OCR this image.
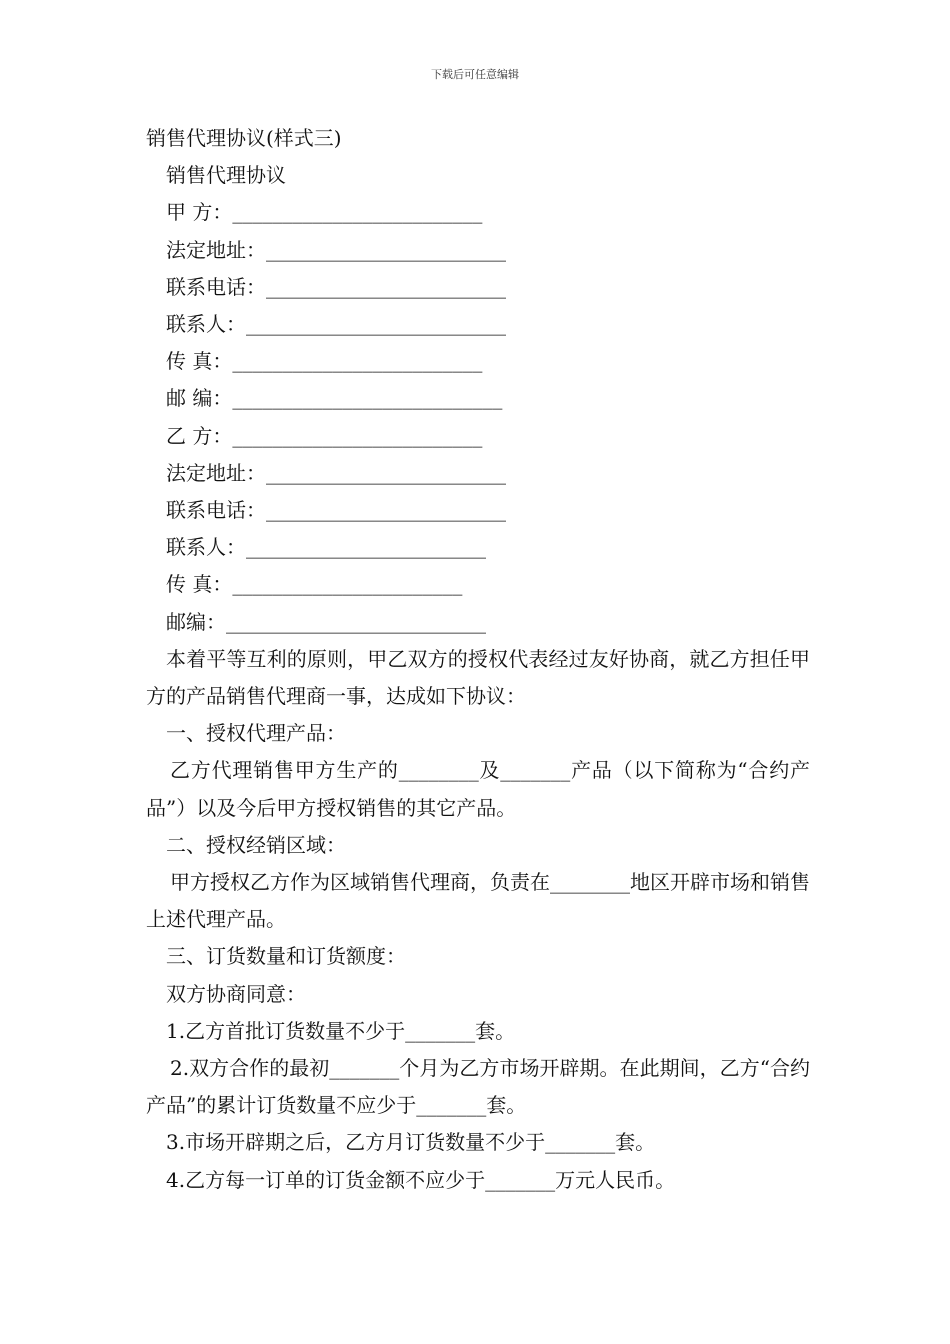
下载后可任意编辑
销售代理协议(样式三)
销售代理协议
甲 方：_________________________
法定地址：________________________
联系电话：________________________
联系人：__________________________
传 真：_________________________
邮 编：___________________________
乙 方：_________________________
法定地址：________________________
联系电话：________________________
联系人：________________________
传 真：_______________________
邮编：__________________________
本着平等互利的原则，甲乙双方的授权代表经过友好协商，就乙方担任甲方的产品销售代理商一事，达成如下协议：
一、授权代理产品：
乙方代理销售甲方生产的________及_______产品（以下简称为“合约产品”）以及今后甲方授权销售的其它产品。
二、授权经销区域：
甲方授权乙方作为区域销售代理商，负责在________地区开辟市场和销售上述代理产品。
三、订货数量和订货额度：
双方协商同意：
1.乙方首批订货数量不少于_______套。
2.双方合作的最初_______个月为乙方市场开辟期。在此期间，乙方“合约产品”的累计订货数量不应少于_______套。
3.市场开辟期之后，乙方月订货数量不少于_______套。
4.乙方每一订单的订货金额不应少于_______万元人民币。
